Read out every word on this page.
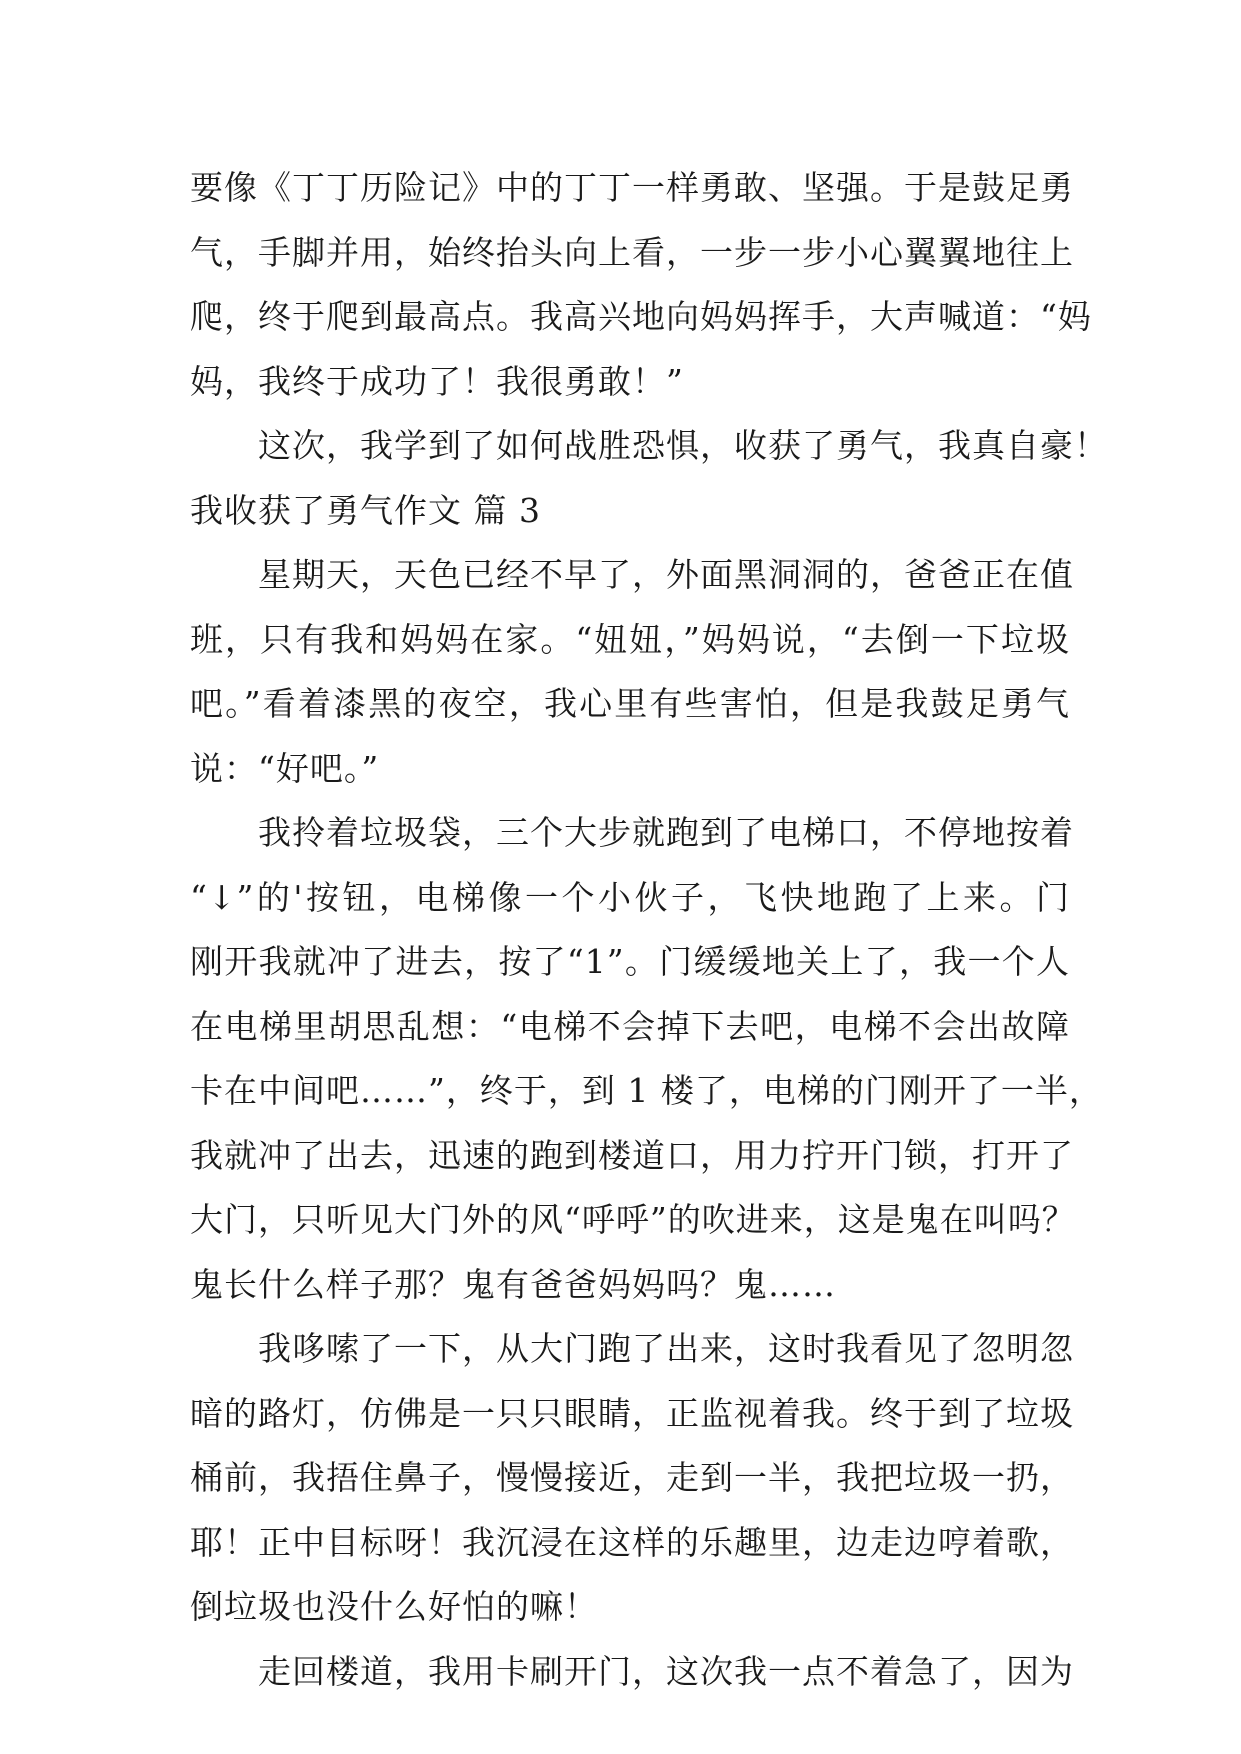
要像《丁丁历险记》中的丁丁一样勇敢、坚强。于是鼓足勇
气，手脚并用，始终抬头向上看，一步一步小心翼翼地往上
爬，终于爬到最高点。我高兴地向妈妈挥手，大声喊道：“妈
妈，我终于成功了！我很勇敢！”
这次，我学到了如何战胜恐惧，收获了勇气，我真自豪！
我收获了勇气作文 篇 3
星期天，天色已经不早了，外面黑洞洞的，爸爸正在值
班，只有我和妈妈在家。“妞妞，”妈妈说，“去倒一下垃圾
吧。”看着漆黑的夜空，我心里有些害怕，但是我鼓足勇气
说：“好吧。”
我拎着垃圾袋，三个大步就跑到了电梯口，不停地按着
“↓”的'按钮，电梯像一个小伙子，飞快地跑了上来。门
刚开我就冲了进去，按了“1”。门缓缓地关上了，我一个人
在电梯里胡思乱想：“电梯不会掉下去吧，电梯不会出故障
卡在中间吧……”，终于，到 1 楼了，电梯的门刚开了一半，
我就冲了出去，迅速的跑到楼道口，用力拧开门锁，打开了
大门，只听见大门外的风“呼呼”的吹进来，这是鬼在叫吗？
鬼长什么样子那？鬼有爸爸妈妈吗？鬼……
我哆嗦了一下，从大门跑了出来，这时我看见了忽明忽
暗的路灯，仿佛是一只只眼睛，正监视着我。终于到了垃圾
桶前，我捂住鼻子，慢慢接近，走到一半，我把垃圾一扔，
耶！正中目标呀！我沉浸在这样的乐趣里，边走边哼着歌，
倒垃圾也没什么好怕的嘛！
走回楼道，我用卡刷开门，这次我一点不着急了，因为
